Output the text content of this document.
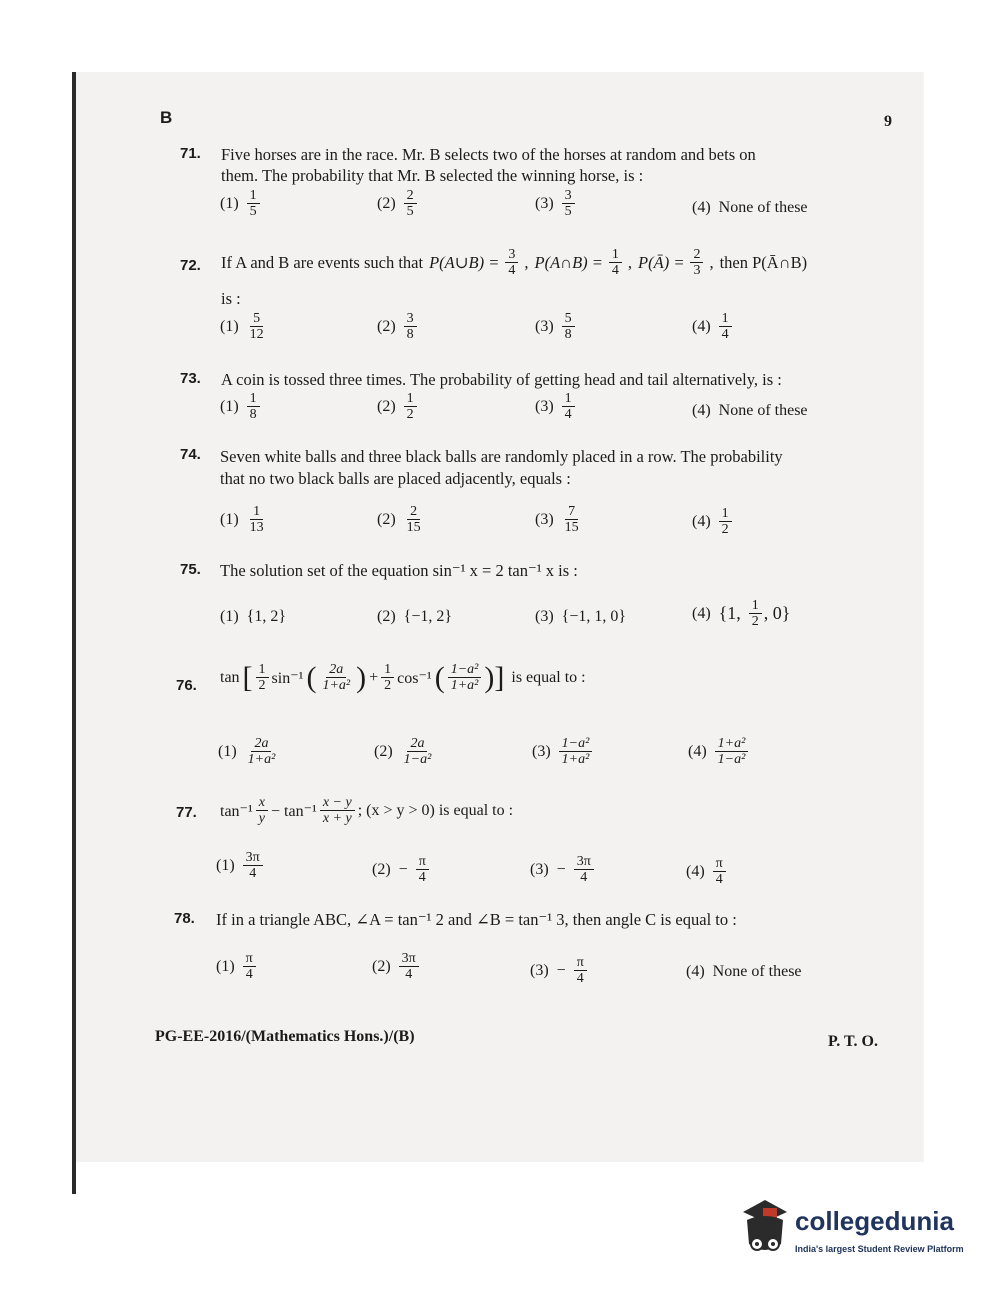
B	9
71. Five horses are in the race. Mr. B selects two of the horses at random and bets on
them. The probability that Mr. B selected the winning horse, is :
$(1) \frac{1}{5}$	$(2) \frac{2}{5}$	$(3) \frac{3}{5}$	(4) None of these
72. If A and B are events such that P(A∪B) = $\frac{3}{4}$ , P(A∩B) = $\frac{1}{4}$ , P(Ā) = $\frac{2}{3}$ , then P(Ā∩B)
is :
$(1) \frac{5}{12}$	$(2) \frac{3}{8}$	$(3) \frac{5}{8}$	$(4) \frac{1}{4}$
73. A coin is tossed three times. The probability of getting head and tail alternatively, is :
$(1) \frac{1}{8}$	$(2) \frac{1}{2}$	$(3) \frac{1}{4}$	(4) None of these
74. Seven white balls and three black balls are randomly placed in a row. The probability
that no two black balls are placed adjacently, equals :
$(1) \frac{1}{13}$	$(2) \frac{2}{15}$	$(3) \frac{7}{15}$	$(4) \frac{1}{2}$
75. The solution set of the equation sin⁻¹ x = 2 tan⁻¹ x is :
(1) {1, 2}	(2) {−1, 2}	(3) {−1, 1, 0}	(4) {1, $\frac{1}{2}$ , 0}
76. tan [ $\frac{1}{2} \sin^{-1}$ ( $\frac{2a}{\text{1+a²}}$ ) + $\frac{1}{2} \cos^{-1}$ ( $\frac{\text{1−a²}}{\text{1+a²}}$ )] is equal to :
$(1) \frac{2a}{\text{1+a²}}$	$(2) \frac{2a}{\text{1−a²}}$	$(3) \frac{\text{1−a²}}{\text{1+a²}}$	$(4) \frac{\text{1+a²}}{\text{1−a²}}$
77. $\tan^{-1} \frac{x}{y} - \tan^{-1} \frac{x - y}{x + y}$ ; (x > y > 0) is equal to :
$(1) \frac{3\pi}{4}$	$(2) - \frac{\pi}{4}$	$(3) - \frac{3\pi}{4}$	$(4) \frac{\pi}{4}$
78. If in a triangle ABC, ∠A = tan⁻¹ 2 and ∠B = tan⁻¹ 3, then angle C is equal to :
$(1) \frac{\pi}{4}$	$(2) \frac{3\pi}{4}$	$(3) - \frac{\pi}{4}$	(4) None of these
PG-EE-2016/(Mathematics Hons.)/(B)	P. T. O.
collegedunia
India's largest Student Review Platform
